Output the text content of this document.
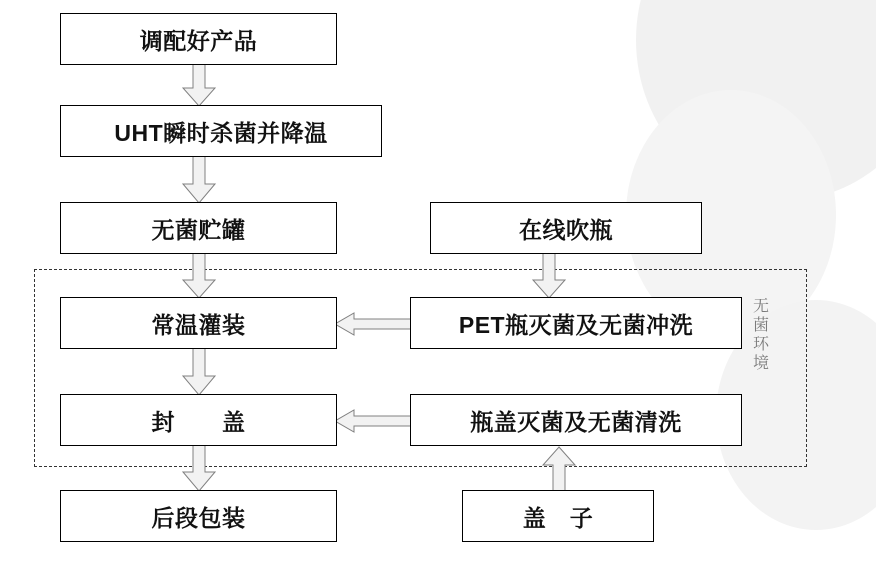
无菌环境
调配好产品
UHT瞬时杀菌并降温
无菌贮罐	在线吹瓶
常温灌装	PET瓶灭菌及无菌冲洗
封　　盖	瓶盖灭菌及无菌清洗
后段包装	盖　子
